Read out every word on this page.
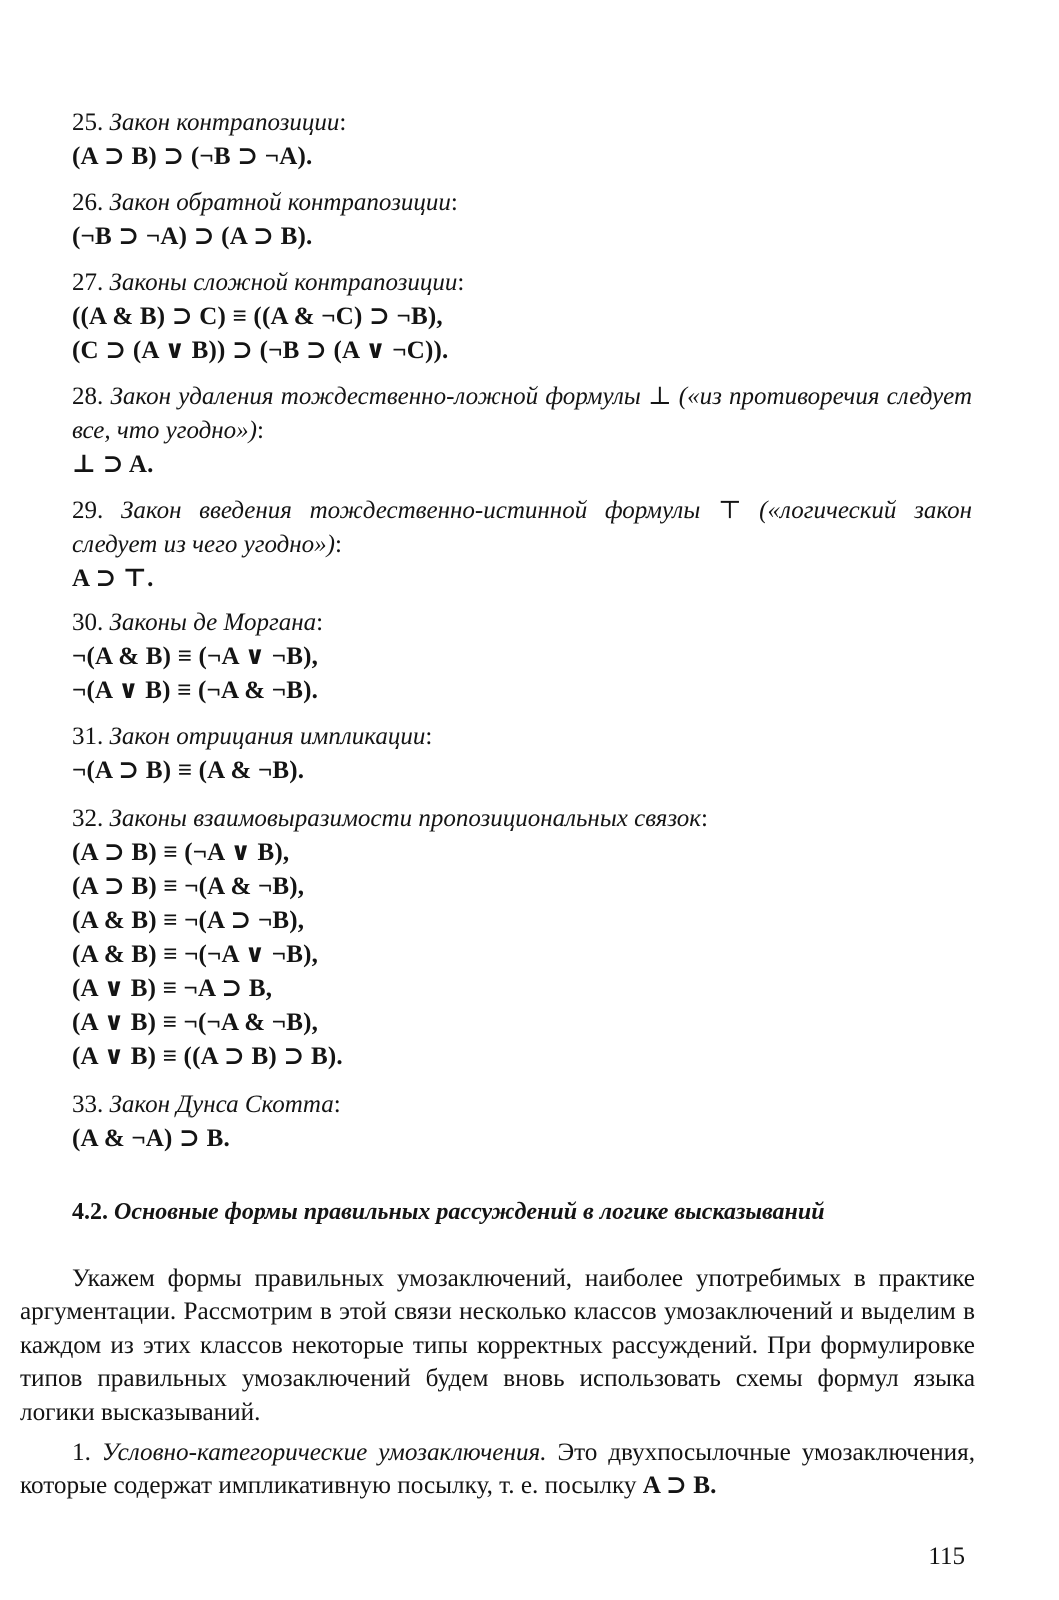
25. Закон контрапозиции:

(A ⊃ B) ⊃ (¬B ⊃ ¬A).

26. Закон обратной контрапозиции:

(¬B ⊃ ¬A) ⊃ (A ⊃ B).

27. Законы сложной контрапозиции:

((A & B) ⊃ C) ≡ ((A & ¬C) ⊃ ¬B),

(C ⊃ (A ∨ B)) ⊃ (¬B ⊃ (A ∨ ¬C)).

28. Закон удаления тождественно-ложной формулы ⊥ («из противоречия следует все, что угодно»):

⊥ ⊃ A.

29. Закон введения тождественно-истинной формулы ⊤ («логический закон следует из чего угодно»):

A ⊃ ⊤.

30. Законы де Моргана:

¬(A & B) ≡ (¬A ∨ ¬B),

¬(A ∨ B) ≡ (¬A & ¬B).

31. Закон отрицания импликации:

¬(A ⊃ B) ≡ (A & ¬B).

32. Законы взаимовыразимости пропозициональных связок:

(A ⊃ B) ≡ (¬A ∨ B),

(A ⊃ B) ≡ ¬(A & ¬B),

(A & B) ≡ ¬(A ⊃ ¬B),

(A & B) ≡ ¬(¬A ∨ ¬B),

(A ∨ B) ≡ ¬A ⊃ B,

(A ∨ B) ≡ ¬(¬A & ¬B),

(A ∨ B) ≡ ((A ⊃ B) ⊃ B).

33. Закон Дунса Скотта:

(A & ¬A) ⊃ B.

4.2. Основные формы правильных рассуждений в логике высказываний

Укажем формы правильных умозаключений, наиболее употребимых в практике аргументации. Рассмотрим в этой связи несколько классов умозаключений и выделим в каждом из этих классов некоторые типы корректных рассуждений. При формулировке типов правильных умозаключений будем вновь использовать схемы формул языка логики высказываний.

1. Условно-категорические умозаключения. Это двухпосылочные умозаключения, которые содержат импликативную посылку, т. е. посылку A ⊃ B.

115
